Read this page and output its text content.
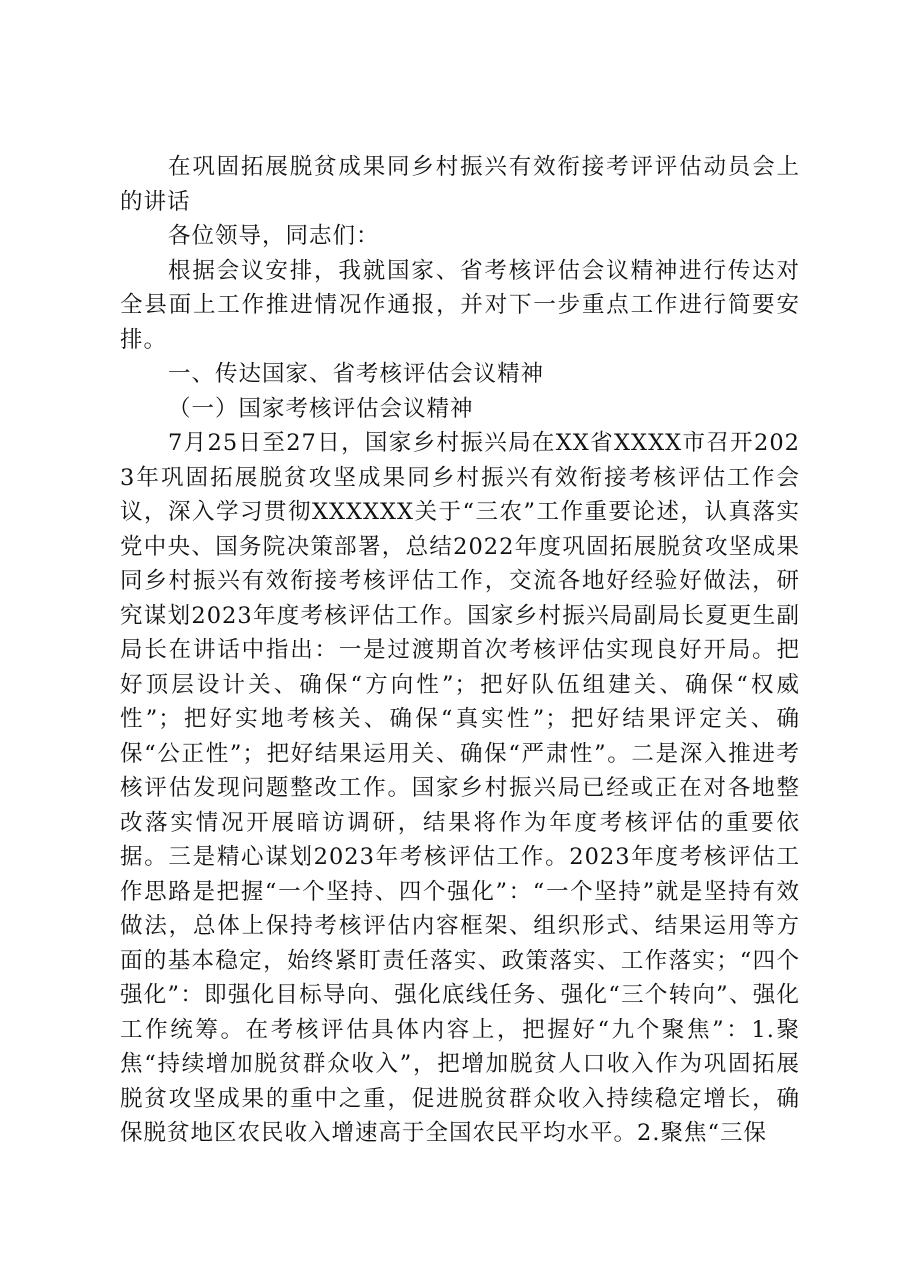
在巩固拓展脱贫成果同乡村振兴有效衔接考评评估动员会上的讲话

各位领导，同志们：

根据会议安排，我就国家、省考核评估会议精神进行传达对全县面上工作推进情况作通报，并对下一步重点工作进行简要安排。

一、传达国家、省考核评估会议精神

（一）国家考核评估会议精神

7月25日至27日，国家乡村振兴局在XX省XXXX市召开2023年巩固拓展脱贫攻坚成果同乡村振兴有效衔接考核评估工作会议，深入学习贯彻XXXXXX关于“三农”工作重要论述，认真落实党中央、国务院决策部署，总结2022年度巩固拓展脱贫攻坚成果同乡村振兴有效衔接考核评估工作，交流各地好经验好做法，研究谋划2023年度考核评估工作。国家乡村振兴局副局长夏更生副局长在讲话中指出：一是过渡期首次考核评估实现良好开局。把好顶层设计关、确保“方向性”；把好队伍组建关、确保“权威性”；把好实地考核关、确保“真实性”；把好结果评定关、确保“公正性”；把好结果运用关、确保“严肃性”。二是深入推进考核评估发现问题整改工作。国家乡村振兴局已经或正在对各地整改落实情况开展暗访调研，结果将作为年度考核评估的重要依据。三是精心谋划2023年考核评估工作。2023年度考核评估工作思路是把握“一个坚持、四个强化”：“一个坚持”就是坚持有效做法，总体上保持考核评估内容框架、组织形式、结果运用等方面的基本稳定，始终紧盯责任落实、政策落实、工作落实；“四个强化”：即强化目标导向、强化底线任务、强化“三个转向”、强化工作统筹。在考核评估具体内容上，把握好“九个聚焦”：1.聚焦“持续增加脱贫群众收入”，把增加脱贫人口收入作为巩固拓展脱贫攻坚成果的重中之重，促进脱贫群众收入持续稳定增长，确保脱贫地区农民收入增速高于全国农民平均水平。2.聚焦“三保
